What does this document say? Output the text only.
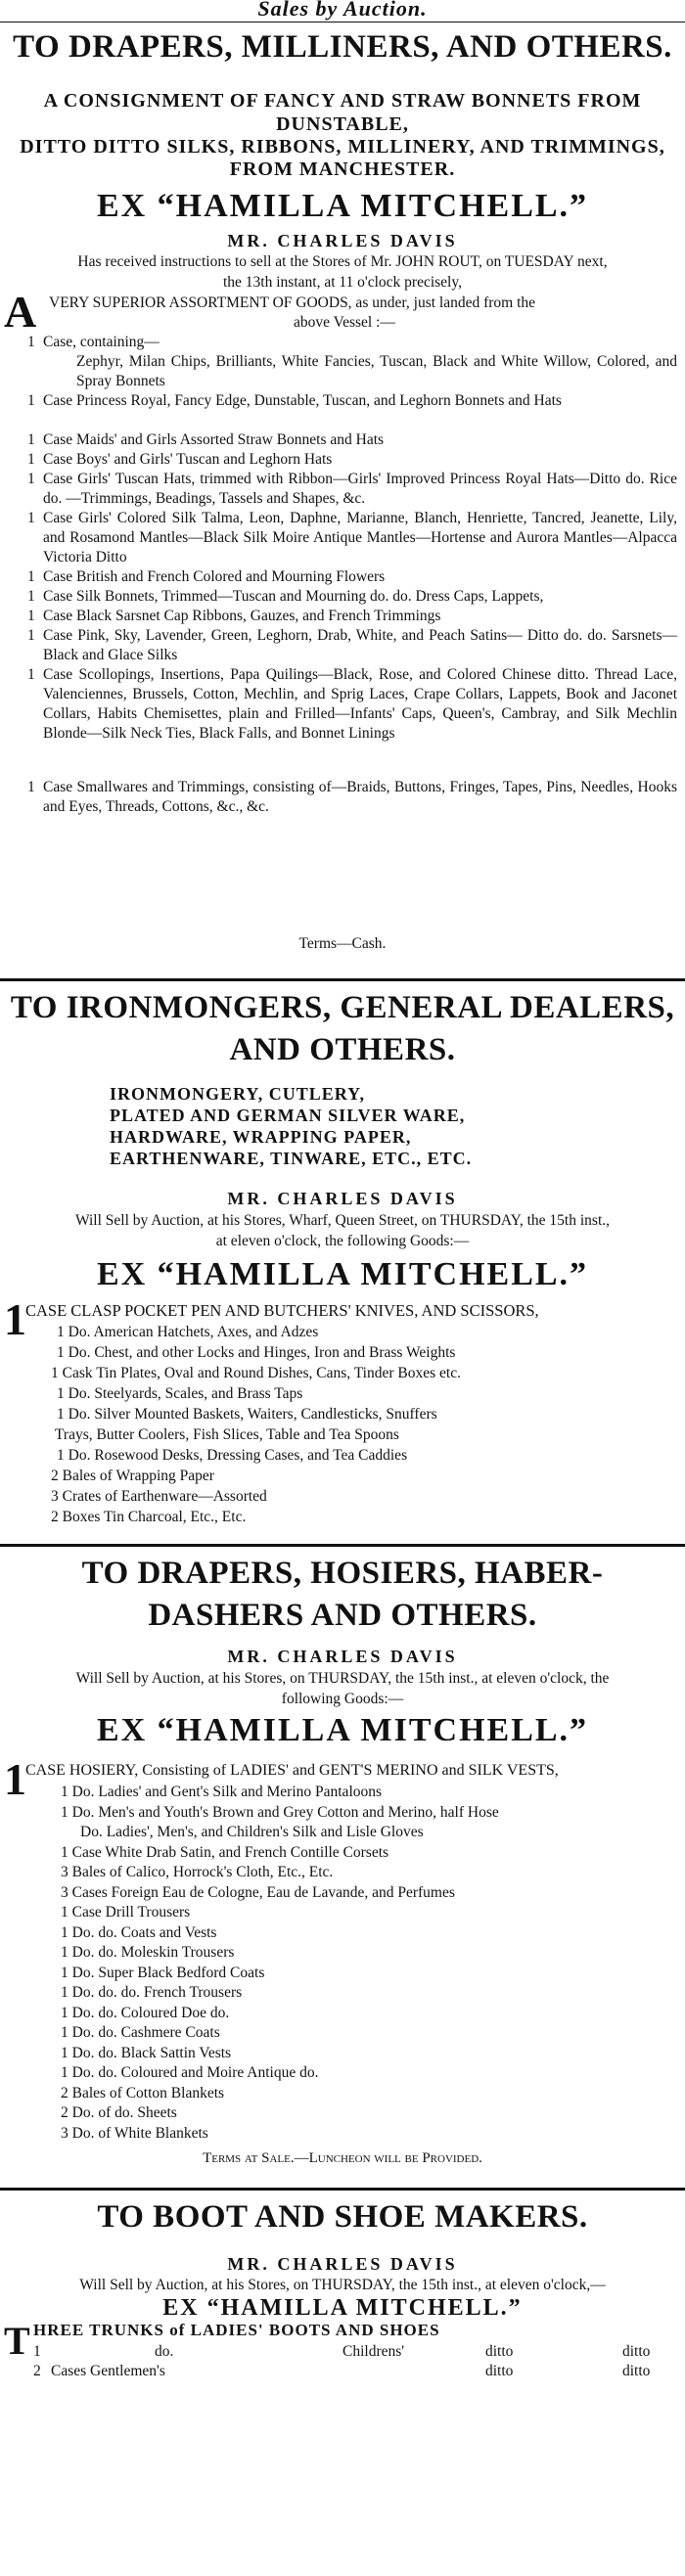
Sales by Auction.
TO DRAPERS, MILLINERS, AND OTHERS.
A CONSIGNMENT OF FANCY AND STRAW BONNETS FROM
DUNSTABLE,
DITTO DITTO SILKS, RIBBONS, MILLINERY, AND TRIMMINGS,
FROM MANCHESTER.
EX “HAMILLA MITCHELL.”
MR. CHARLES DAVIS
Has received instructions to sell at the Stores of Mr. JOHN ROUT, on TUESDAY next,
the 13th instant, at 11 o'clock precisely,
A VERY SUPERIOR ASSORTMENT OF GOODS, as under, just landed from the
above Vessel :—
1 Case, containing—
Zephyr, Milan Chips, Brilliants, White Fancies, Tuscan, Black and White Willow, Colored, and Spray Bonnets
1 Case Princess Royal, Fancy Edge, Dunstable, Tuscan, and Leghorn Bonnets and Hats
1 Case Maids' and Girls Assorted Straw Bonnets and Hats
1 Case Boys' and Girls' Tuscan and Leghorn Hats
1 Case Girls' Tuscan Hats, trimmed with Ribbon—Girls' Improved Princess Royal Hats—Ditto do. Rice do. —Trimmings, Beadings, Tassels and Shapes, &c.
1 Case Girls' Colored Silk Talma, Leon, Daphne, Marianne, Blanch, Henriette, Tancred, Jeanette, Lily, and Rosamond Mantles—Black Silk Moire Antique Mantles—Hortense and Aurora Mantles—Alpacca Victoria Ditto
1 Case British and French Colored and Mourning Flowers
1 Case Silk Bonnets, Trimmed—Tuscan and Mourning do. do. Dress Caps, Lappets,
1 Case Black Sarsnet Cap Ribbons, Gauzes, and French Trimmings
1 Case Pink, Sky, Lavender, Green, Leghorn, Drab, White, and Peach Satins— Ditto do. do. Sarsnets—Black and Glace Silks
1 Case Scollopings, Insertions, Papa Quilings—Black, Rose, and Colored Chinese ditto. Thread Lace, Valenciennes, Brussels, Cotton, Mechlin, and Sprig Laces, Crape Collars, Lappets, Book and Jaconet Collars, Habits Chemisettes, plain and Frilled—Infants' Caps, Queen's, Cambray, and Silk Mechlin Blonde—Silk Neck Ties, Black Falls, and Bonnet Linings
1 Case Smallwares and Trimmings, consisting of—Braids, Buttons, Fringes, Tapes, Pins, Needles, Hooks and Eyes, Threads, Cottons, &c., &c.
Terms—Cash.
TO IRONMONGERS, GENERAL DEALERS,
AND OTHERS.
IRONMONGERY, CUTLERY,
PLATED AND GERMAN SILVER WARE,
HARDWARE, WRAPPING PAPER,
EARTHENWARE, TINWARE, ETC., ETC.
MR. CHARLES DAVIS
Will Sell by Auction, at his Stores, Wharf, Queen Street, on THURSDAY, the 15th inst.,
at eleven o'clock, the following Goods:—
EX “HAMILLA MITCHELL.”
1 CASE CLASP POCKET PEN AND BUTCHERS' KNIVES, AND SCISSORS,
1 Do. American Hatchets, Axes, and Adzes
1 Do. Chest, and other Locks and Hinges, Iron and Brass Weights
1 Cask Tin Plates, Oval and Round Dishes, Cans, Tinder Boxes etc.
1 Do. Steelyards, Scales, and Brass Taps
1 Do. Silver Mounted Baskets, Waiters, Candlesticks, Snuffers
Trays, Butter Coolers, Fish Slices, Table and Tea Spoons
1 Do. Rosewood Desks, Dressing Cases, and Tea Caddies
2 Bales of Wrapping Paper
3 Crates of Earthenware—Assorted
2 Boxes Tin Charcoal, Etc., Etc.
TO DRAPERS, HOSIERS, HABER-
DASHERS AND OTHERS.
MR. CHARLES DAVIS
Will Sell by Auction, at his Stores, on THURSDAY, the 15th inst., at eleven o'clock, the
following Goods:—
EX “HAMILLA MITCHELL.”
1 CASE HOSIERY, Consisting of LADIES' and GENT'S MERINO and SILK VESTS,
1 Do. Ladies' and Gent's Silk and Merino Pantaloons
1 Do. Men's and Youth's Brown and Grey Cotton and Merino, half Hose
Do. Ladies', Men's, and Children's Silk and Lisle Gloves
1 Case White Drab Satin, and French Contille Corsets
3 Bales of Calico, Horrock's Cloth, Etc., Etc.
3 Cases Foreign Eau de Cologne, Eau de Lavande, and Perfumes
1 Case Drill Trousers
1 Do. do. Coats and Vests
1 Do. do. Moleskin Trousers
1 Do. Super Black Bedford Coats
1 Do. do. do. French Trousers
1 Do. do. Coloured Doe do.
1 Do. do. Cashmere Coats
1 Do. do. Black Sattin Vests
1 Do. do. Coloured and Moire Antique do.
2 Bales of Cotton Blankets
2 Do. of do. Sheets
3 Do. of White Blankets
Terms at Sale.—Luncheon will be Provided.
TO BOOT AND SHOE MAKERS.
MR. CHARLES DAVIS
Will Sell by Auction, at his Stores, on THURSDAY, the 15th inst., at eleven o'clock,—
EX “HAMILLA MITCHELL.”
T HREE TRUNKS of LADIES' BOOTS AND SHOES
1	do.	Childrens'	ditto	ditto
2 Cases Gentlemen's	ditto	ditto
